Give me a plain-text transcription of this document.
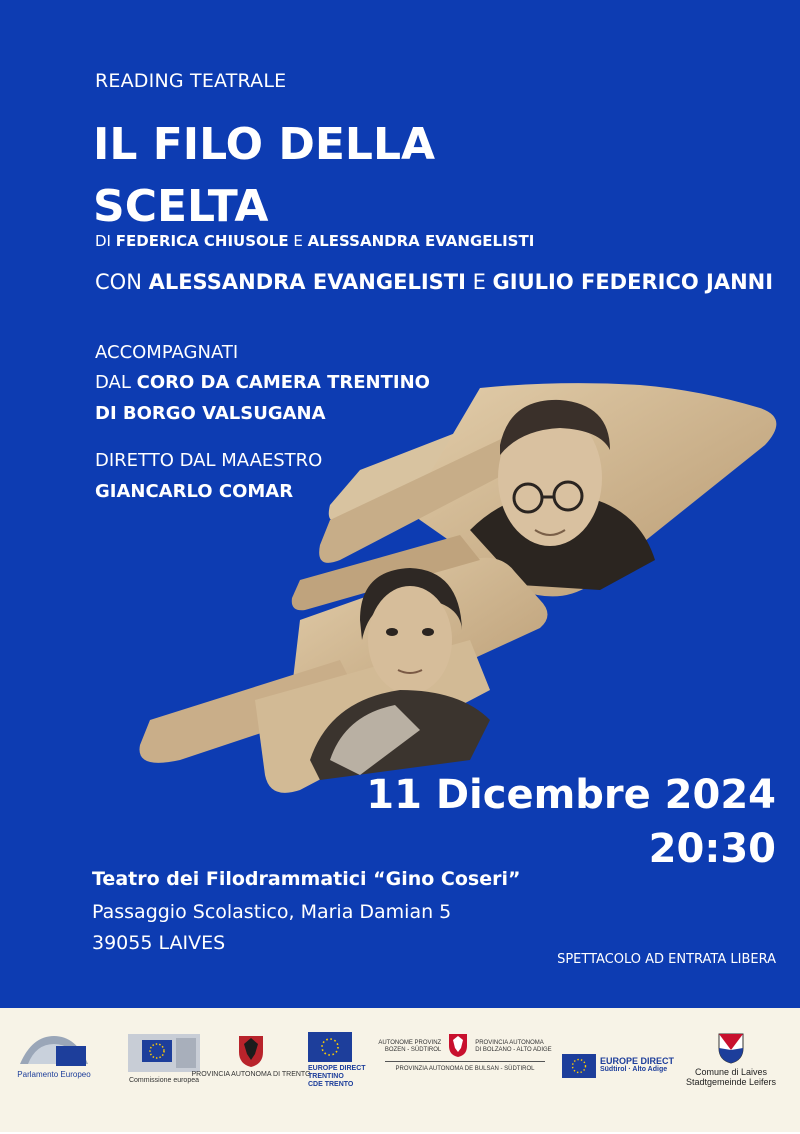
READING TEATRALE
IL FILO DELLA
SCELTA
DI FEDERICA CHIUSOLE E ALESSANDRA EVANGELISTI
CON ALESSANDRA EVANGELISTI E GIULIO FEDERICO JANNI
ACCOMPAGNATI
DAL CORO DA CAMERA TRENTINO
DI BORGO VALSUGANA
DIRETTO DAL MAAESTRO
GIANCARLO COMAR
11 Dicembre 2024
20:30
Teatro dei Filodrammatici “Gino Coseri”
Passaggio Scolastico, Maria Damian 5
39055 LAIVES
SPETTACOLO AD ENTRATA LIBERA
Parlamento Europeo
Commissione europea
PROVINCIA AUTONOMA DI TRENTO
EUROPE DIRECT
TRENTINO
CDE TRENTO
AUTONOME PROVINZ
BOZEN - SÜDTIROL
PROVINCIA AUTONOMA
DI BOLZANO - ALTO ADIGE
PROVINZIA AUTONOMA DE BULSAN - SÜDTIROL
EUROPE DIRECT
Südtirol · Alto Adige	Comune di Laives
Stadtgemeinde Leifers
